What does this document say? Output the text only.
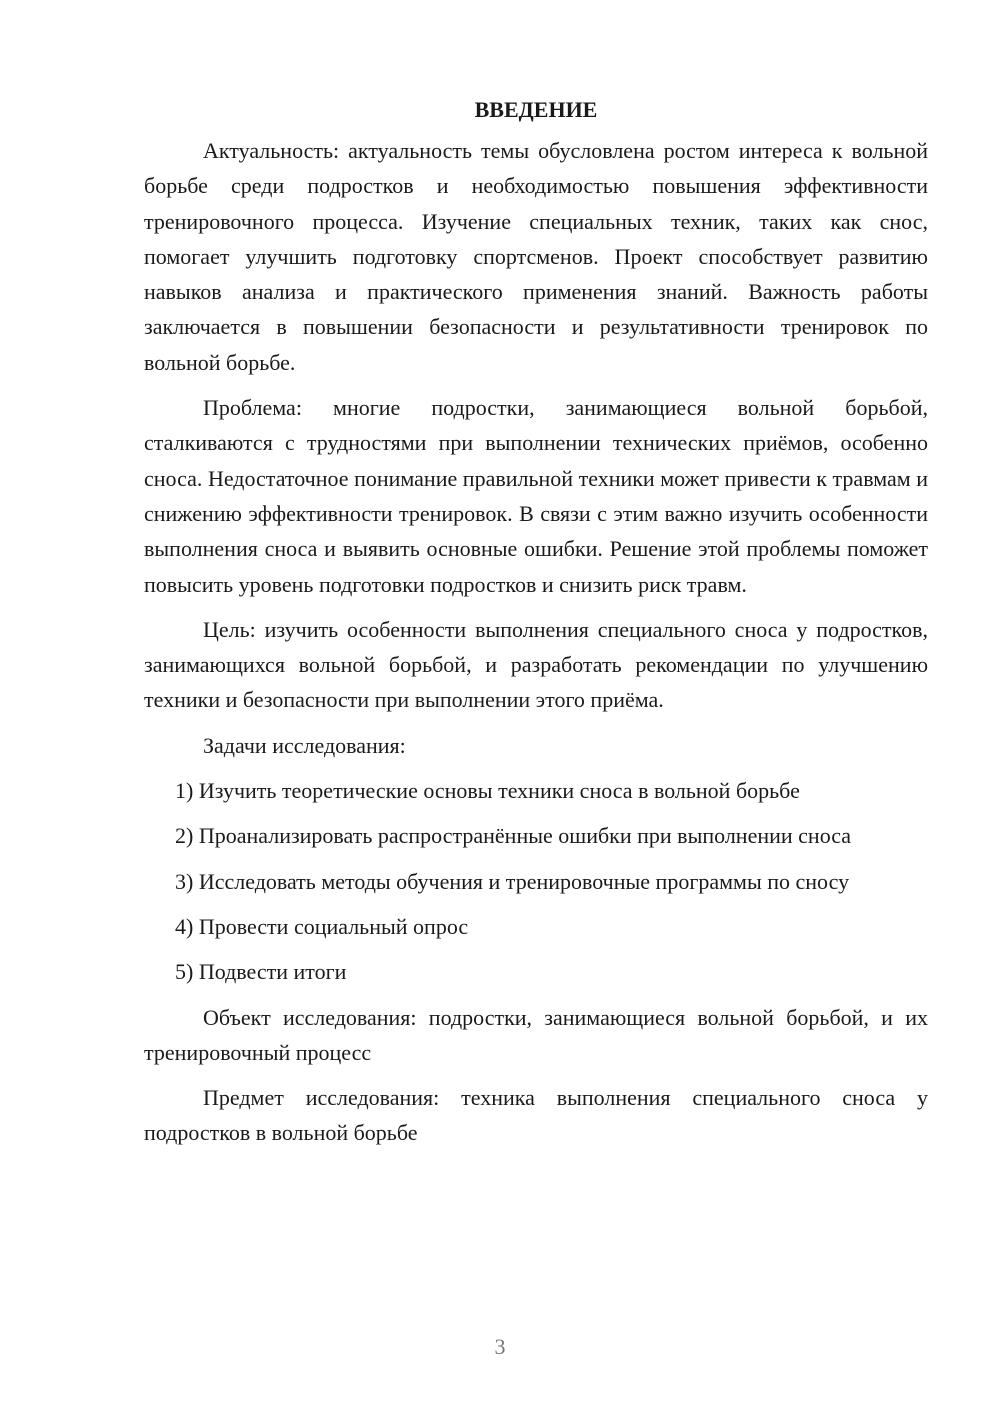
ВВЕДЕНИЕ

Актуальность: актуальность темы обусловлена ростом интереса к вольной борьбе среди подростков и необходимостью повышения эффективности тренировочного процесса. Изучение специальных техник, таких как снос, помогает улучшить подготовку спортсменов. Проект способствует развитию навыков анализа и практического применения знаний. Важность работы заключается в повышении безопасности и результативности тренировок по вольной борьбе.

Проблема: многие подростки, занимающиеся вольной борьбой, сталкиваются с трудностями при выполнении технических приёмов, особенно сноса. Недостаточное понимание правильной техники может привести к травмам и снижению эффективности тренировок. В связи с этим важно изучить особенности выполнения сноса и выявить основные ошибки. Решение этой проблемы поможет повысить уровень подготовки подростков и снизить риск травм.

Цель: изучить особенности выполнения специального сноса у подростков, занимающихся вольной борьбой, и разработать рекомендации по улучшению техники и безопасности при выполнении этого приёма.

Задачи исследования:

1) Изучить теоретические основы техники сноса в вольной борьбе

2) Проанализировать распространённые ошибки при выполнении сноса

3) Исследовать методы обучения и тренировочные программы по сносу

4) Провести социальный опрос

5) Подвести итоги

Объект исследования: подростки, занимающиеся вольной борьбой, и их тренировочный процесс

Предмет исследования: техника выполнения специального сноса у подростков в вольной борьбе

3
